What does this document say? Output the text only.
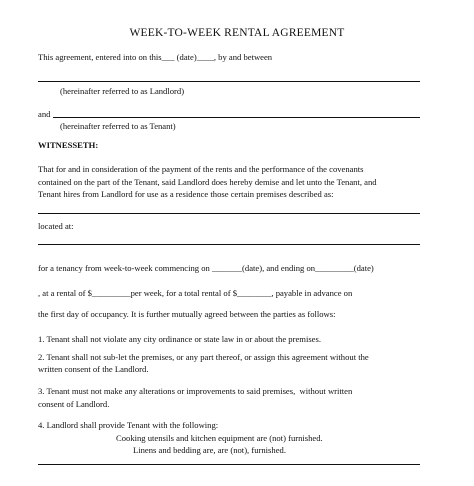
WEEK-TO-WEEK RENTAL AGREEMENT
This agreement, entered into on this___ (date)____, by and between
(hereinafter referred to as Landlord)
and
(hereinafter referred to as Tenant)
WITNESSETH:
That for and in consideration of the payment of the rents and the performance of the covenants
contained on the part of the Tenant, said Landlord does hereby demise and let unto the Tenant, and
Tenant hires from Landlord for use as a residence those certain premises described as:
located at:
for a tenancy from week-to-week commencing on _______(date), and ending on_________(date)
, at a rental of $_________per week, for a total rental of $________, payable in advance on
the first day of occupancy. It is further mutually agreed between the parties as follows:
1. Tenant shall not violate any city ordinance or state law in or about the premises.
2. Tenant shall not sub-let the premises, or any part thereof, or assign this agreement without the
written consent of the Landlord.
3. Tenant must not make any alterations or improvements to said premises,  without written
consent of Landlord.
4. Landlord shall provide Tenant with the following:
Cooking utensils and kitchen equipment are (not) furnished.
Linens and bedding are, are (not), furnished.
